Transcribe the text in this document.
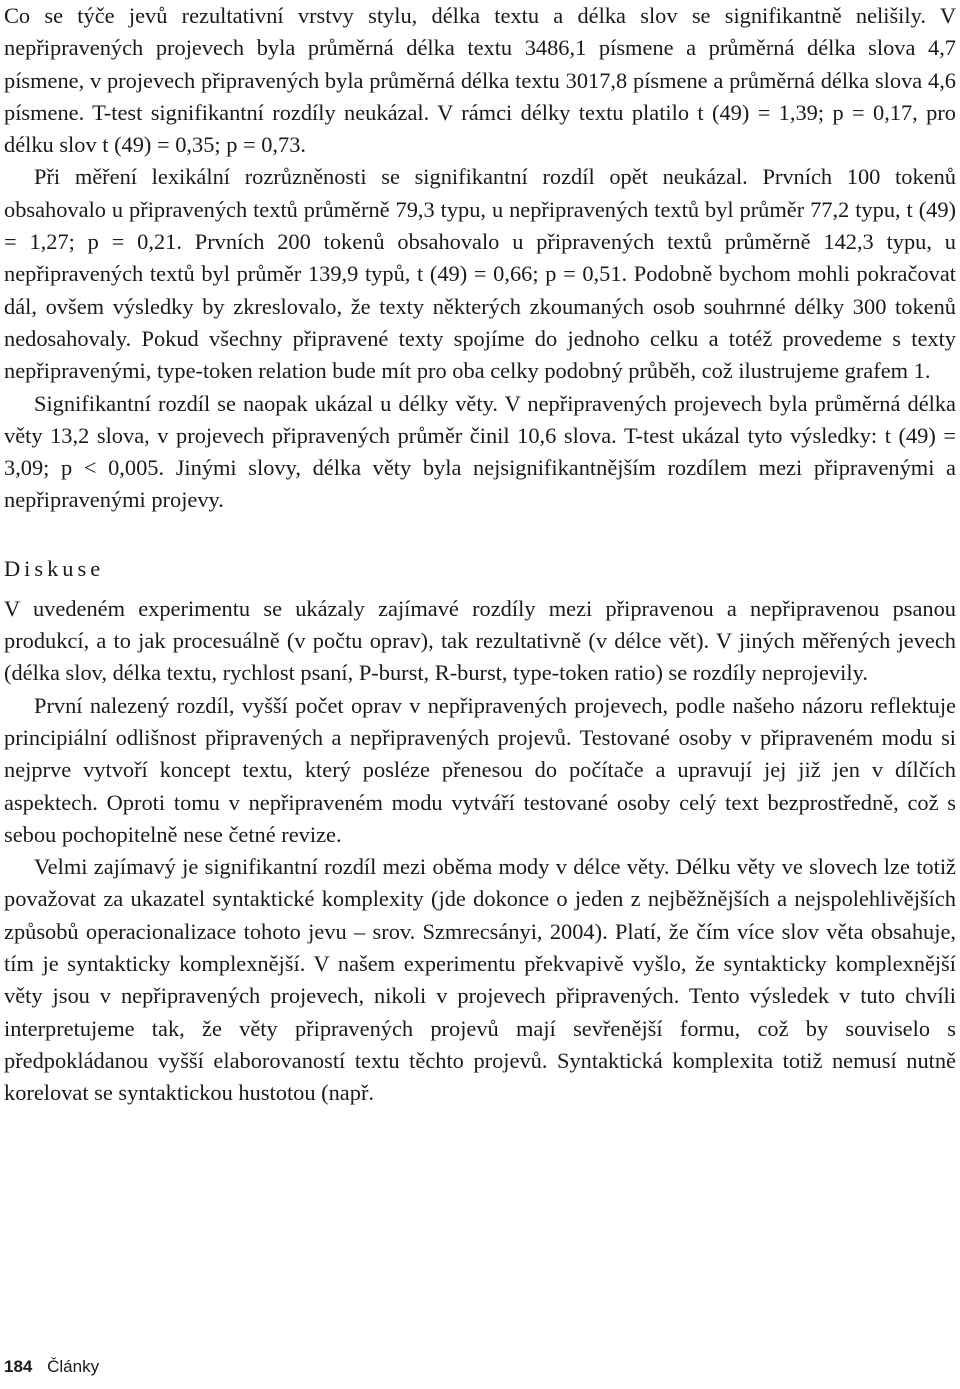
Co se týče jevů rezultativní vrstvy stylu, délka textu a délka slov se signifikantně nelišily. V nepřipravených projevech byla průměrná délka textu 3486,1 písmene a průměrná délka slova 4,7 písmene, v projevech připravených byla průměrná délka textu 3017,8 písmene a průměrná délka slova 4,6 písmene. T-test signifikantní rozdíly neukázal. V rámci délky textu platilo t (49) = 1,39; p = 0,17, pro délku slov t (49) = 0,35; p = 0,73.

Při měření lexikální rozrůzněnosti se signifikantní rozdíl opět neukázal. Prvních 100 tokenů obsahovalo u připravených textů průměrně 79,3 typu, u nepřipravených textů byl průměr 77,2 typu, t (49) = 1,27; p = 0,21. Prvních 200 tokenů obsahovalo u připravených textů průměrně 142,3 typu, u nepřipravených textů byl průměr 139,9 typů, t (49) = 0,66; p = 0,51. Podobně bychom mohli pokračovat dál, ovšem výsledky by zkreslovalo, že texty některých zkoumaných osob souhrnné délky 300 tokenů nedosahovaly. Pokud všechny připravené texty spojíme do jednoho celku a totéž provedeme s texty nepřipravenými, type-token relation bude mít pro oba celky podobný průběh, což ilustrujeme grafem 1.

Signifikantní rozdíl se naopak ukázal u délky věty. V nepřipravených projevech byla průměrná délka věty 13,2 slova, v projevech připravených průměr činil 10,6 slova. T-test ukázal tyto výsledky: t (49) = 3,09; p < 0,005. Jinými slovy, délka věty byla nejsignifikantnějším rozdílem mezi připravenými a nepřipravenými projevy.

Diskuse

V uvedeném experimentu se ukázaly zajímavé rozdíly mezi připravenou a nepřipravenou psanou produkcí, a to jak procesuálně (v počtu oprav), tak rezultativně (v délce vět). V jiných měřených jevech (délka slov, délka textu, rychlost psaní, P-burst, R-burst, type-token ratio) se rozdíly neprojevily.

První nalezený rozdíl, vyšší počet oprav v nepřipravených projevech, podle našeho názoru reflektuje principiální odlišnost připravených a nepřipravených projevů. Testované osoby v připraveném modu si nejprve vytvoří koncept textu, který posléze přenesou do počítače a upravují jej již jen v dílčích aspektech. Oproti tomu v nepřipraveném modu vytváří testované osoby celý text bezprostředně, což s sebou pochopitelně nese četné revize.

Velmi zajímavý je signifikantní rozdíl mezi oběma mody v délce věty. Délku věty ve slovech lze totiž považovat za ukazatel syntaktické komplexity (jde dokonce o jeden z nejběžnějších a nejspolehlivějších způsobů operacionalizace tohoto jevu – srov. Szmrecsányi, 2004). Platí, že čím více slov věta obsahuje, tím je syntakticky komplexnější. V našem experimentu překvapivě vyšlo, že syntakticky komplexnější věty jsou v nepřipravených projevech, nikoli v projevech připravených. Tento výsledek v tuto chvíli interpretujeme tak, že věty připravených projevů mají sevřenější formu, což by souviselo s předpokládanou vyšší elaborovaností textu těchto projevů. Syntaktická komplexita totiž nemusí nutně korelovat se syntaktickou hustotou (např.

184 Články
